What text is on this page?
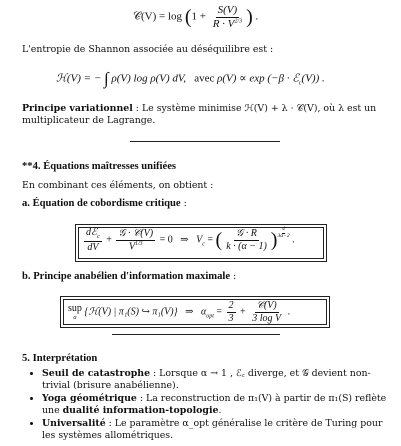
𝒞(V) = $\log (1 + \frac{S(V)}{R \cdot V^{2/3}}$ ) .
L'entropie de Shannon associée au déséquilibre est :
ℋ(V) = − ∫ ρ(V) log ρ(V) dV, avec ρ(V) ∝ exp (−β · ℰ$_c$(V)) .
Principe variationnel : Le système minimise ℋ(V) + λ · 𝒞(V), où λ est un multiplicateur de Lagrange.
**4. Équations maîtresses unifiées
En combinant ces éléments, on obtient :
a. Équation de cobordisme critique :
$\frac{dℰ_c}{dV} + \frac{\text{𝒢 · 𝒞(V)}}{V^{1/3}} = 0$ ⇒ $V_c$ = ( $\frac{\text{𝒢 · R}}{k \cdot (\alpha - 1)}$ ) $^{\frac{4}{3\alpha-2}}$
.
b. Principe anabélien d'information maximale :
sup
α
{ℋ(V) | π₁(S) ↪ π₁(V)} ⇒ $\alpha_{opt} = \frac{2}{3} + \frac{\text{𝒞(V)}}{\text{3 log V}}$ .
5. Interprétation
• Seuil de catastrophe : Lorsque α → 1 , ℰ꜀ diverge, et 𝒢 devient non-trivial (brisure anabélienne).
• Yoga géométrique : La reconstruction de π₁(V) à partir de π₁(S) reflète une dualité information-topologie.
• Universalité : Le paramètre α_opt généralise le critère de Turing pour les systèmes allométriques.
